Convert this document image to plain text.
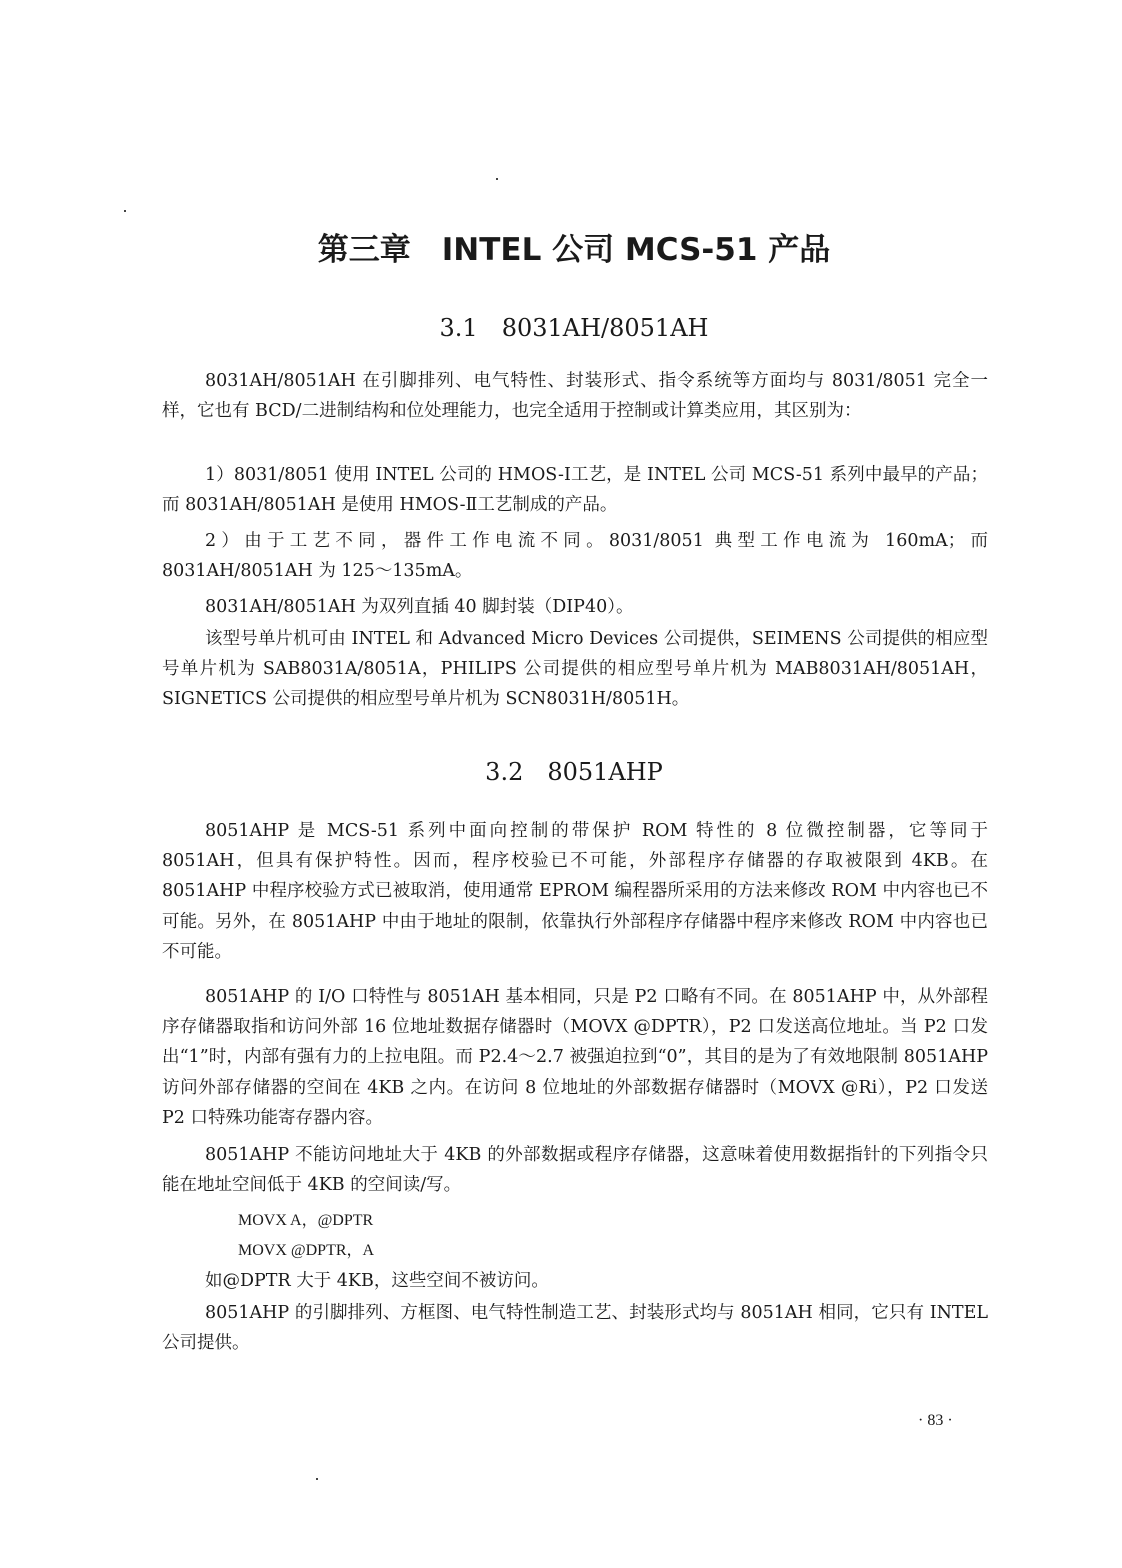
第三章　INTEL 公司 MCS-51 产品
3.1　8031AH/8051AH

8031AH/8051AH 在引脚排列、电气特性、封装形式、指令系统等方面均与 8031/8051 完全一样，它也有 BCD/二进制结构和位处理能力，也完全适用于控制或计算类应用，其区别为：

1）8031/8051 使用 INTEL 公司的 HMOS-Ⅰ工艺，是 INTEL 公司 MCS-51 系列中最早的产品；而 8031AH/8051AH 是使用 HMOS-Ⅱ工艺制成的产品。

2）由于工艺不同，器件工作电流不同。8031/8051 典型工作电流为 160mA；而 8031AH/8051AH 为 125～135mA。

8031AH/8051AH 为双列直插 40 脚封装（DIP40）。

该型号单片机可由 INTEL 和 Advanced Micro Devices 公司提供，SEIMENS 公司提供的相应型号单片机为 SAB8031A/8051A，PHILIPS 公司提供的相应型号单片机为 MAB8031AH/8051AH，SIGNETICS 公司提供的相应型号单片机为 SCN8031H/8051H。

3.2　8051AHP

8051AHP 是 MCS-51 系列中面向控制的带保护 ROM 特性的 8 位微控制器，它等同于 8051AH，但具有保护特性。因而，程序校验已不可能，外部程序存储器的存取被限到 4KB。在 8051AHP 中程序校验方式已被取消，使用通常 EPROM 编程器所采用的方法来修改 ROM 中内容也已不可能。另外，在 8051AHP 中由于地址的限制，依靠执行外部程序存储器中程序来修改 ROM 中内容也已不可能。

8051AHP 的 I/O 口特性与 8051AH 基本相同，只是 P2 口略有不同。在 8051AHP 中，从外部程序存储器取指和访问外部 16 位地址数据存储器时（MOVX @DPTR），P2 口发送高位地址。当 P2 口发出“1”时，内部有强有力的上拉电阻。而 P2.4～2.7 被强迫拉到“0”，其目的是为了有效地限制 8051AHP 访问外部存储器的空间在 4KB 之内。在访问 8 位地址的外部数据存储器时（MOVX @Ri），P2 口发送 P2 口特殊功能寄存器内容。

8051AHP 不能访问地址大于 4KB 的外部数据或程序存储器，这意味着使用数据指针的下列指令只能在地址空间低于 4KB 的空间读/写。

MOVX A，@DPTR

MOVX @DPTR，A

如@DPTR 大于 4KB，这些空间不被访问。

8051AHP 的引脚排列、方框图、电气特性制造工艺、封装形式均与 8051AH 相同，它只有 INTEL 公司提供。

· 83 ·
